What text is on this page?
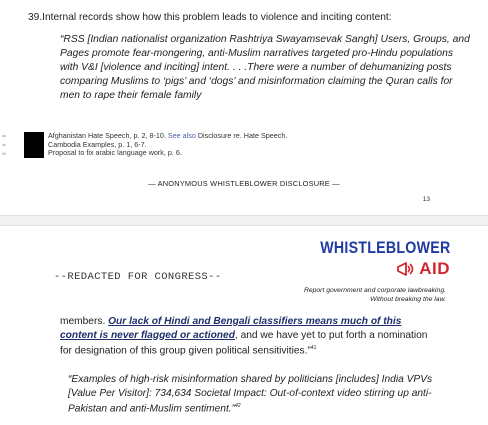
39.Internal records show how this problem leads to violence and inciting content:
“RSS [Indian nationalist organization Rashtriya Swayamsevak Sangh] Users, Groups, and Pages promote fear-mongering, anti-Muslim narratives targeted pro-Hindu populations with V&I [violence and inciting] intent. . . .There were a number of dehumanizing posts comparing Muslims to ‘pigs’ and ‘dogs’ and misinformation claiming the Quran calls for men to rape their female family
⁴⁸
⁴⁹
⁵⁰
Afghanistan Hate Speech, p. 2, 8-10. See also Disclosure re. Hate Speech.
Cambodia Examples, p. 1, 6-7.
Proposal to fix arabic language work, p. 6.
— ANONYMOUS WHISTLEBLOWER DISCLOSURE —
13
--REDACTED FOR CONGRESS--
WHISTLEBLOWER
AID
Report government and corporate lawbreaking.
Without breaking the law.
members. Our lack of Hindi and Bengali classifiers means much of this content is never flagged or actioned, and we have yet to put forth a nomination for designation of this group given political sensitivities.”$^{41}$
“Examples of high-risk misinformation shared by politicians [includes] India VPVs [Value Per Visitor]: 734,634 Societal Impact: Out-of-context video stirring up anti-Pakistan and anti-Muslim sentiment.”$^{42}$
